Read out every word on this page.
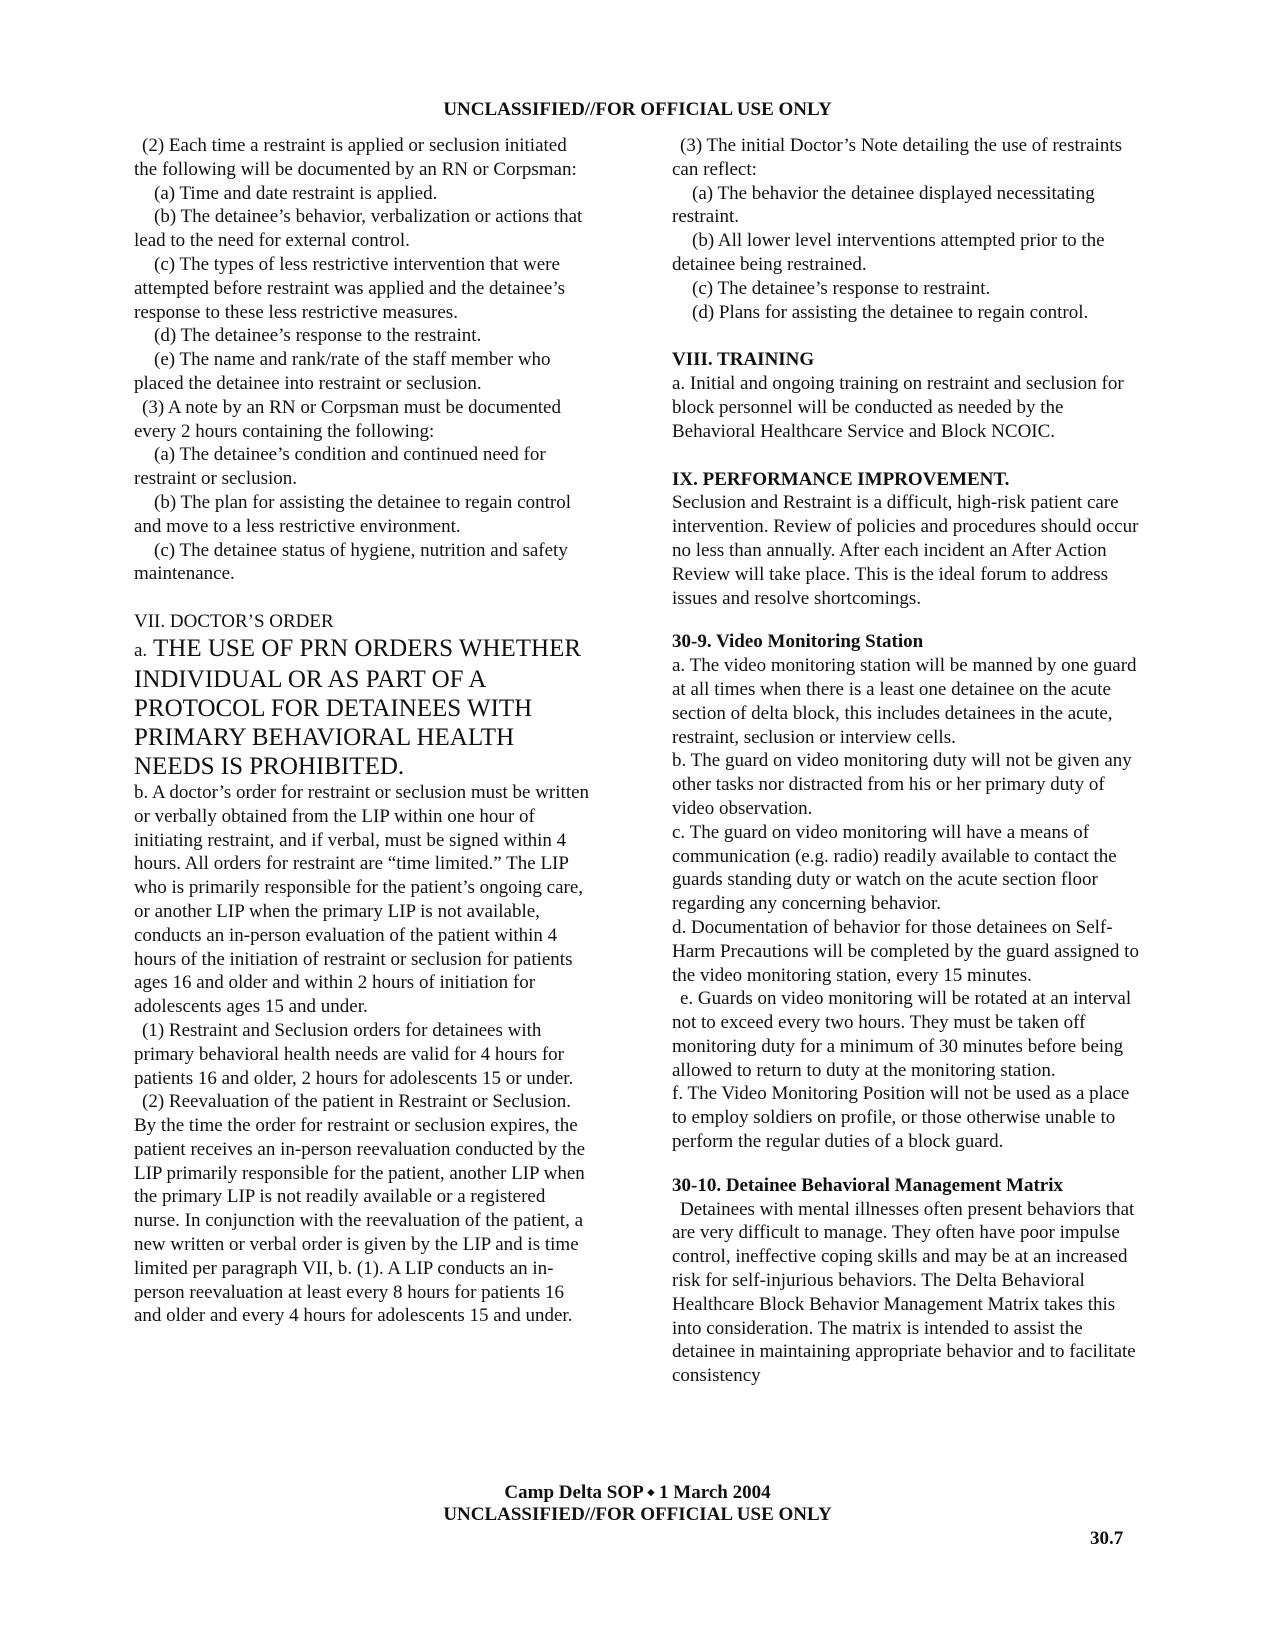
UNCLASSIFIED//FOR OFFICIAL USE ONLY

(2) Each time a restraint is applied or seclusion initiated the following will be documented by an RN or Corpsman:

(a) Time and date restraint is applied.

(b) The detainee’s behavior, verbalization or actions that lead to the need for external control.

(c) The types of less restrictive intervention that were attempted before restraint was applied and the detainee’s response to these less restrictive measures.

(d) The detainee’s response to the restraint.

(e) The name and rank/rate of the staff member who placed the detainee into restraint or seclusion.

(3) A note by an RN or Corpsman must be documented every 2 hours containing the following:

(a) The detainee’s condition and continued need for restraint or seclusion.

(b) The plan for assisting the detainee to regain control and move to a less restrictive environment.

(c) The detainee status of hygiene, nutrition and safety maintenance.

VII. DOCTOR’S ORDER

a. THE USE OF PRN ORDERS WHETHER INDIVIDUAL OR AS PART OF A PROTOCOL FOR DETAINEES WITH PRIMARY BEHAVIORAL HEALTH NEEDS IS PROHIBITED.

b. A doctor’s order for restraint or seclusion must be written or verbally obtained from the LIP within one hour of initiating restraint, and if verbal, must be signed within 4 hours. All orders for restraint are “time limited.” The LIP who is primarily responsible for the patient’s ongoing care, or another LIP when the primary LIP is not available, conducts an in-person evaluation of the patient within 4 hours of the initiation of restraint or seclusion for patients ages 16 and older and within 2 hours of initiation for adolescents ages 15 and under.

(1) Restraint and Seclusion orders for detainees with primary behavioral health needs are valid for 4 hours for patients 16 and older, 2 hours for adolescents 15 or under.

(2) Reevaluation of the patient in Restraint or Seclusion. By the time the order for restraint or seclusion expires, the patient receives an in-person reevaluation conducted by the LIP primarily responsible for the patient, another LIP when the primary LIP is not readily available or a registered nurse. In conjunction with the reevaluation of the patient, a new written or verbal order is given by the LIP and is time limited per paragraph VII, b. (1). A LIP conducts an in-person reevaluation at least every 8 hours for patients 16 and older and every 4 hours for adolescents 15 and under.

(3) The initial Doctor’s Note detailing the use of restraints can reflect:

(a) The behavior the detainee displayed necessitating restraint.

(b) All lower level interventions attempted prior to the detainee being restrained.

(c) The detainee’s response to restraint.

(d) Plans for assisting the detainee to regain control.

VIII. TRAINING

a. Initial and ongoing training on restraint and seclusion for block personnel will be conducted as needed by the Behavioral Healthcare Service and Block NCOIC.

IX. PERFORMANCE IMPROVEMENT.

Seclusion and Restraint is a difficult, high-risk patient care intervention. Review of policies and procedures should occur no less than annually. After each incident an After Action Review will take place. This is the ideal forum to address issues and resolve shortcomings.

30-9. Video Monitoring Station

a. The video monitoring station will be manned by one guard at all times when there is a least one detainee on the acute section of delta block, this includes detainees in the acute, restraint, seclusion or interview cells.

b. The guard on video monitoring duty will not be given any other tasks nor distracted from his or her primary duty of video observation.

c. The guard on video monitoring will have a means of communication (e.g. radio) readily available to contact the guards standing duty or watch on the acute section floor regarding any concerning behavior.

d. Documentation of behavior for those detainees on Self-Harm Precautions will be completed by the guard assigned to the video monitoring station, every 15 minutes.

e. Guards on video monitoring will be rotated at an interval not to exceed every two hours. They must be taken off monitoring duty for a minimum of 30 minutes before being allowed to return to duty at the monitoring station.

f. The Video Monitoring Position will not be used as a place to employ soldiers on profile, or those otherwise unable to perform the regular duties of a block guard.

30-10. Detainee Behavioral Management Matrix

Detainees with mental illnesses often present behaviors that are very difficult to manage. They often have poor impulse control, ineffective coping skills and may be at an increased risk for self-injurious behaviors. The Delta Behavioral Healthcare Block Behavior Management Matrix takes this into consideration. The matrix is intended to assist the detainee in maintaining appropriate behavior and to facilitate consistency

Camp Delta SOP ⬩ 1 March 2004
UNCLASSIFIED//FOR OFFICIAL USE ONLY
30.7
